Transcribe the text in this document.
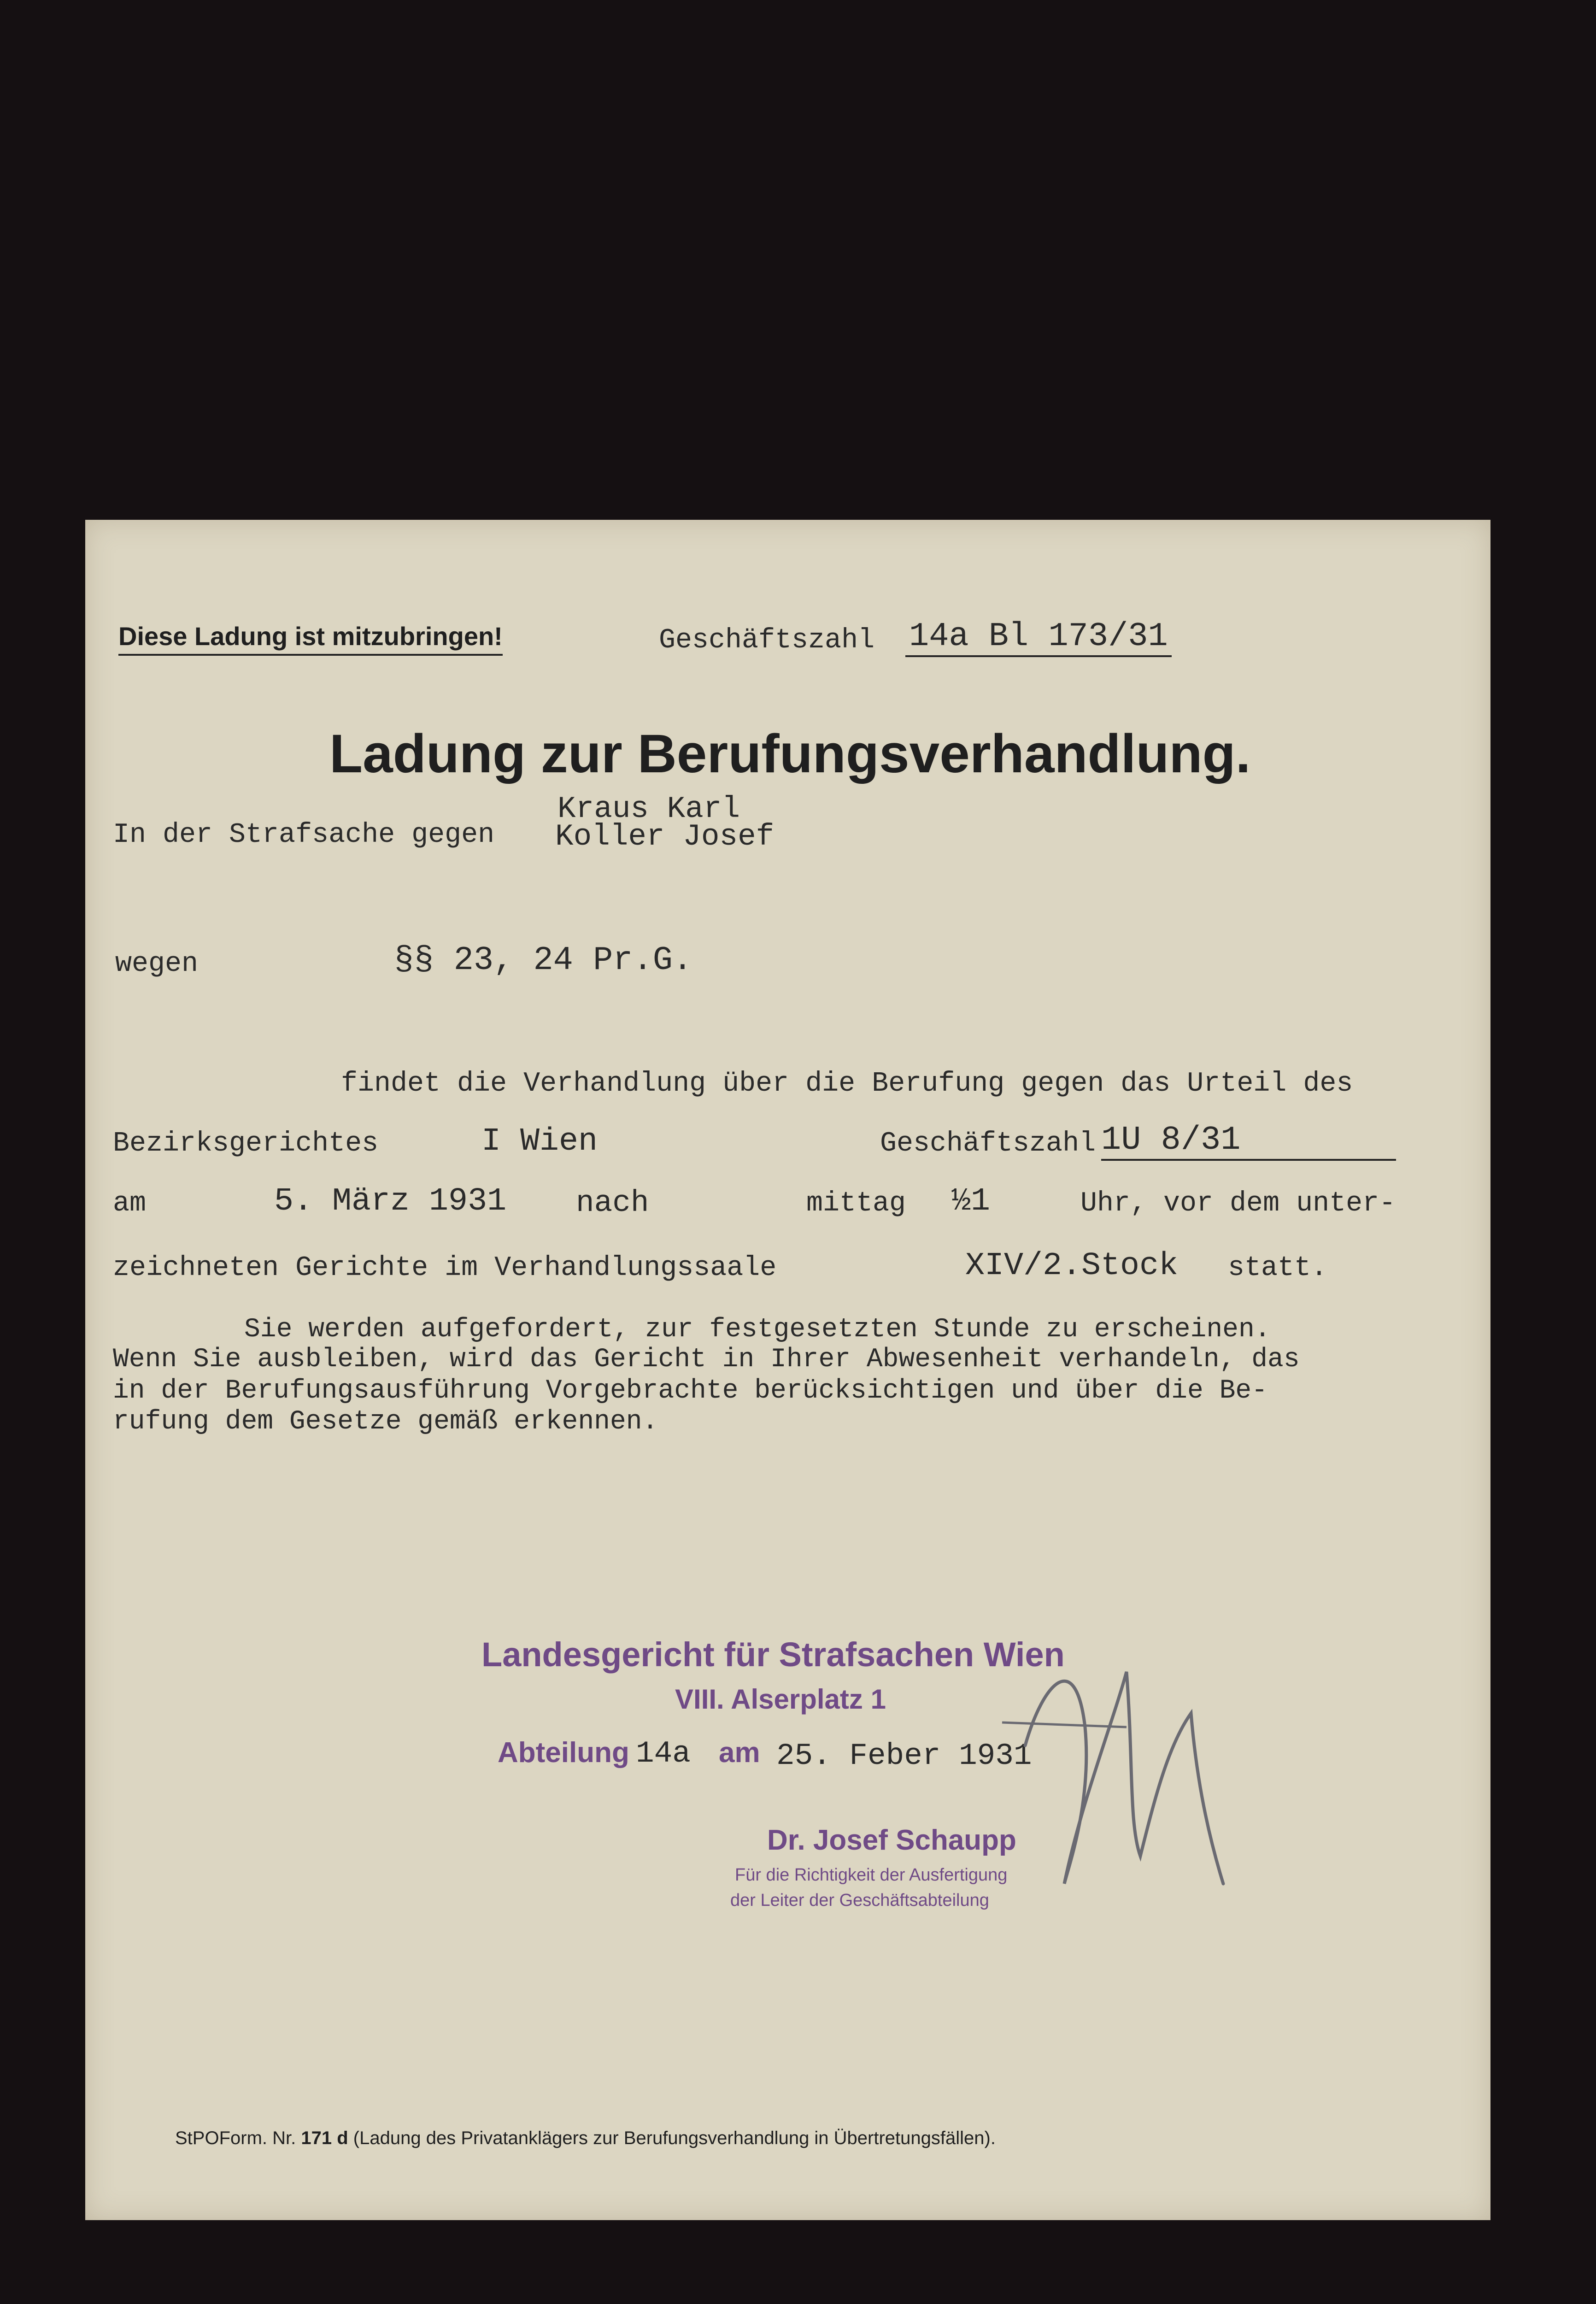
Diese Ladung ist mitzubringen!	Geschäftszahl 14a Bl 173/31
Ladung zur Berufungsverhandlung.
In der Strafsache gegen
Kraus Karl
Koller Josef
wegen	§§ 23, 24 Pr.G.
findet die Verhandlung über die Berufung gegen das Urteil des
Bezirksgerichtes	I Wien	Geschäftszahl 1U 8/31
am	5. März 1931 nach	mittag ½1	Uhr, vor dem unter-
zeichneten Gerichte im Verhandlungssaale	XIV/2.Stock statt.
Sie werden aufgefordert, zur festgesetzten Stunde zu erscheinen.
Wenn Sie ausbleiben, wird das Gericht in Ihrer Abwesenheit verhandeln, das
in der Berufungsausführung Vorgebrachte berücksichtigen und über die Be-
rufung dem Gesetze gemäß erkennen.
Landesgericht für Strafsachen Wien
VIII. Alserplatz 1
Abteilung 14a am 25. Feber 1931
Dr. Josef Schaupp
Für die Richtigkeit der Ausfertigung
der Leiter der Geschäftsabteilung
StPOForm. Nr. 171 d (Ladung des Privatanklägers zur Berufungsverhandlung in Übertretungsfällen).
